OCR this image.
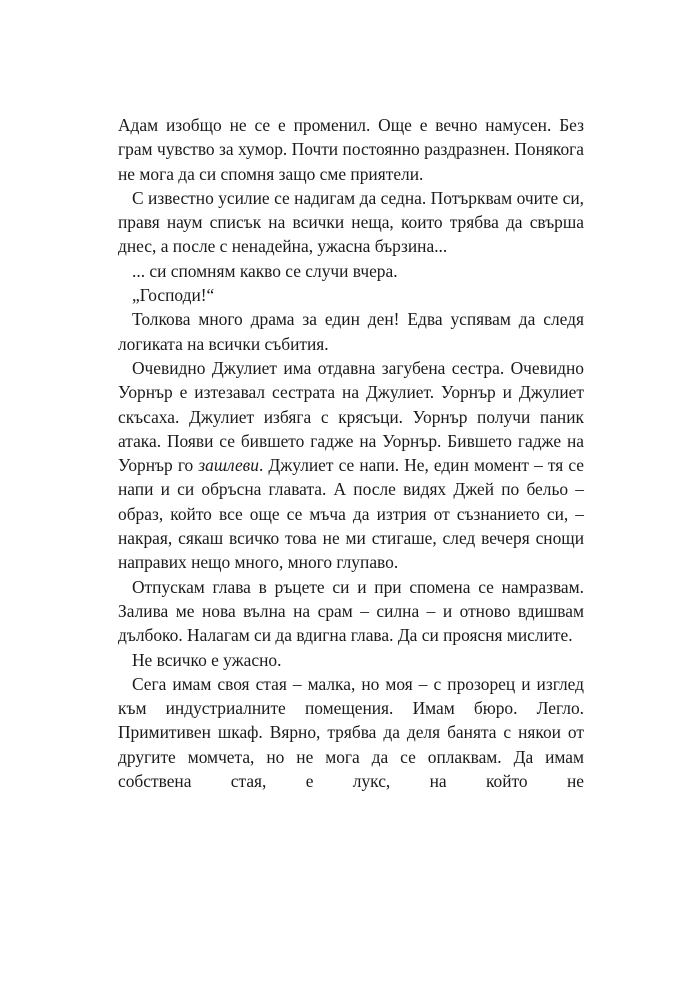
Адам изобщо не се е променил. Още е вечно намусен. Без грам чувство за хумор. Почти постоянно раздразнен. Понякога не мога да си спомня защо сме приятели.

С известно усилие се надигам да седна. Потърквам очите си, правя наум списък на всички неща, които трябва да свърша днес, а после с ненадейна, ужасна бързина...

... си спомням какво се случи вчера.

„Господи!“

Толкова много драма за един ден! Едва успявам да следя логиката на всички събития.

Очевидно Джулиет има отдавна загубена сестра. Очевидно Уорнър е изтезавал сестрата на Джулиет. Уорнър и Джулиет скъсаха. Джулиет избяга с крясъци. Уорнър получи паник атака. Появи се бившето гадже на Уорнър. Бившето гадже на Уорнър го зашлеви. Джулиет се напи. Не, един момент – тя се напи и си обръсна главата. А после видях Джей по бельо – образ, който все още се мъча да изтрия от съзнанието си, – накрая, сякаш всичко това не ми стигаше, след вечеря снощи направих нещо много, много глупаво.

Отпускам глава в ръцете си и при спомена се намразвам. Залива ме нова вълна на срам – силна – и отново вдишвам дълбоко. Налагам си да вдигна глава. Да си проясня мислите.

Не всичко е ужасно.

Сега имам своя стая – малка, но моя – с прозорец и изглед към индустриалните помещения. Имам бюро. Легло. Примитивен шкаф. Вярно, трябва да деля банята с някои от другите момчета, но не мога да се оплаквам. Да имам собствена стая, е лукс, на който не
